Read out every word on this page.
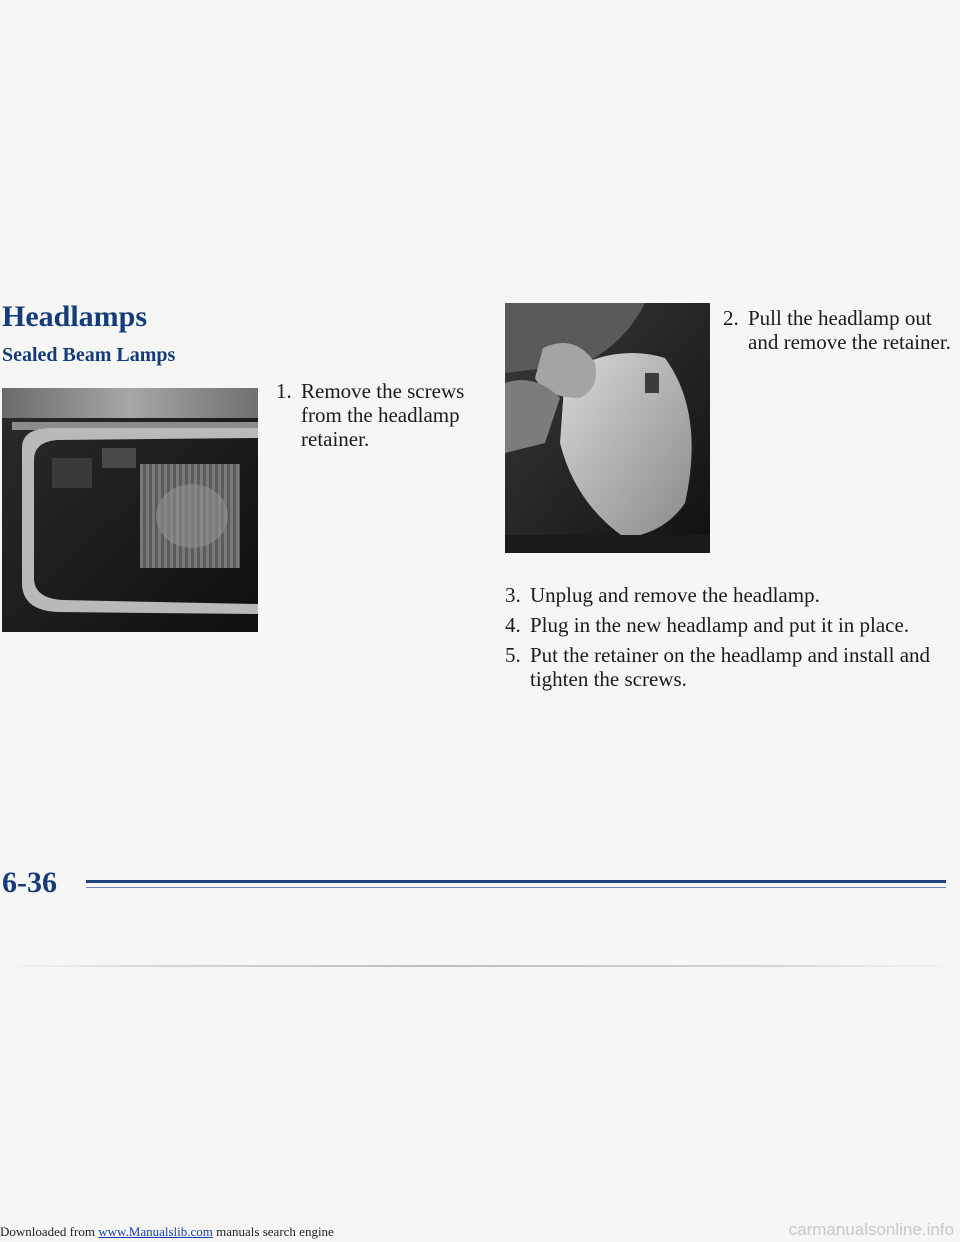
Headlamps
Sealed Beam Lamps
1. Remove the screws from the headlamp retainer.
2. Pull the headlamp out and remove the retainer.
3. Unplug and remove the headlamp.
4. Plug in the new headlamp and put it in place.
5. Put the retainer on the headlamp and install and tighten the screws.
6-36
Downloaded from www.Manualslib.com manuals search engine	carmanualsonline.info
